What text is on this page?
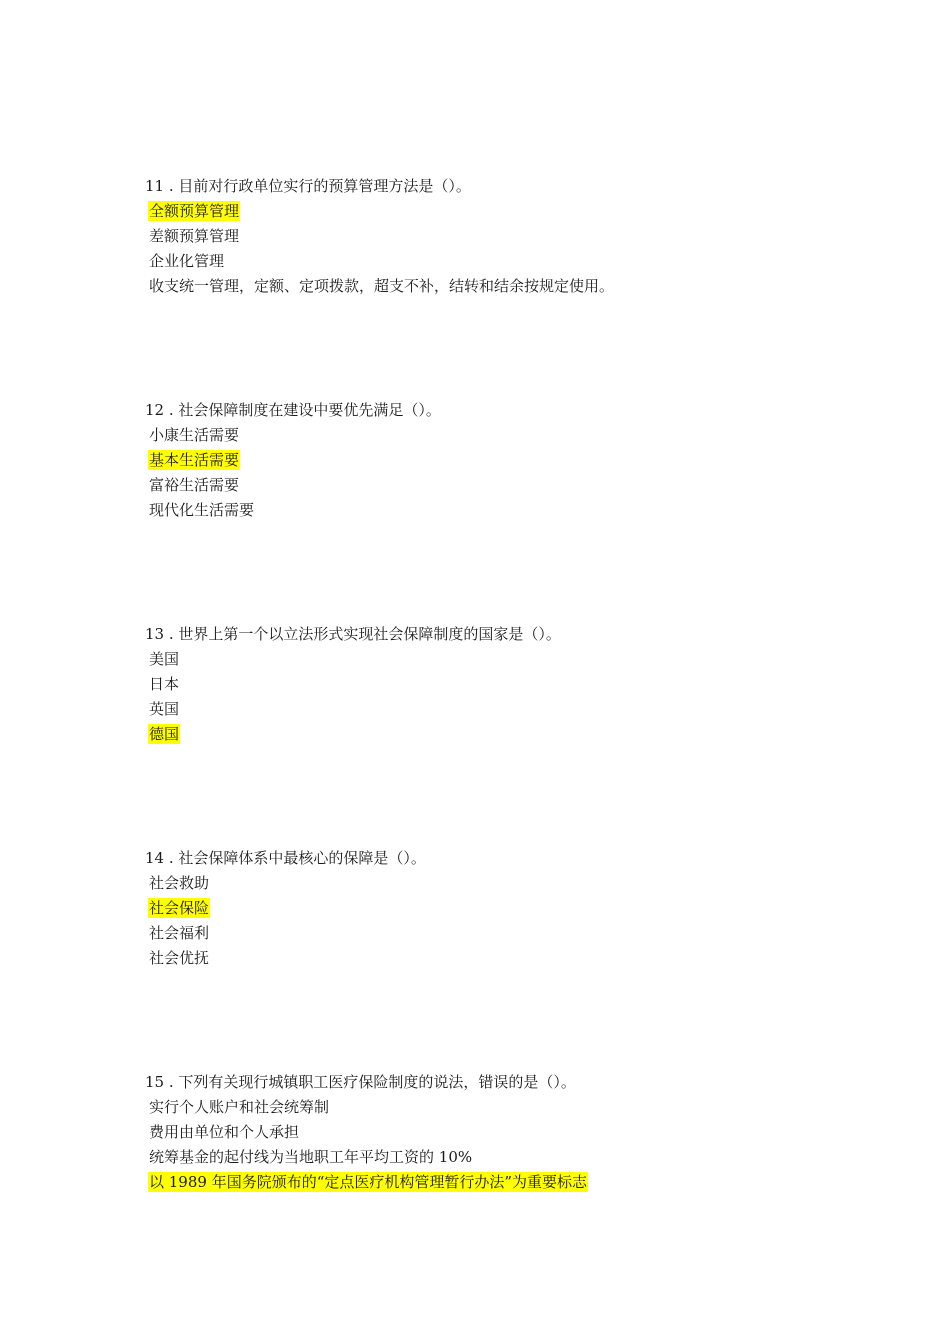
11 . 目前对行政单位实行的预算管理方法是（）。
全额预算管理
差额预算管理
企业化管理
收支统一管理，定额、定项拨款，超支不补，结转和结余按规定使用。
12 . 社会保障制度在建设中要优先满足（）。
小康生活需要
基本生活需要
富裕生活需要
现代化生活需要
13 . 世界上第一个以立法形式实现社会保障制度的国家是（）。
美国
日本
英国
德国
14 . 社会保障体系中最核心的保障是（）。
社会救助
社会保险
社会福利
社会优抚
15 . 下列有关现行城镇职工医疗保险制度的说法，错误的是（）。
实行个人账户和社会统筹制
费用由单位和个人承担
统筹基金的起付线为当地职工年平均工资的 10%
以 1989 年国务院颁布的“定点医疗机构管理暂行办法”为重要标志
